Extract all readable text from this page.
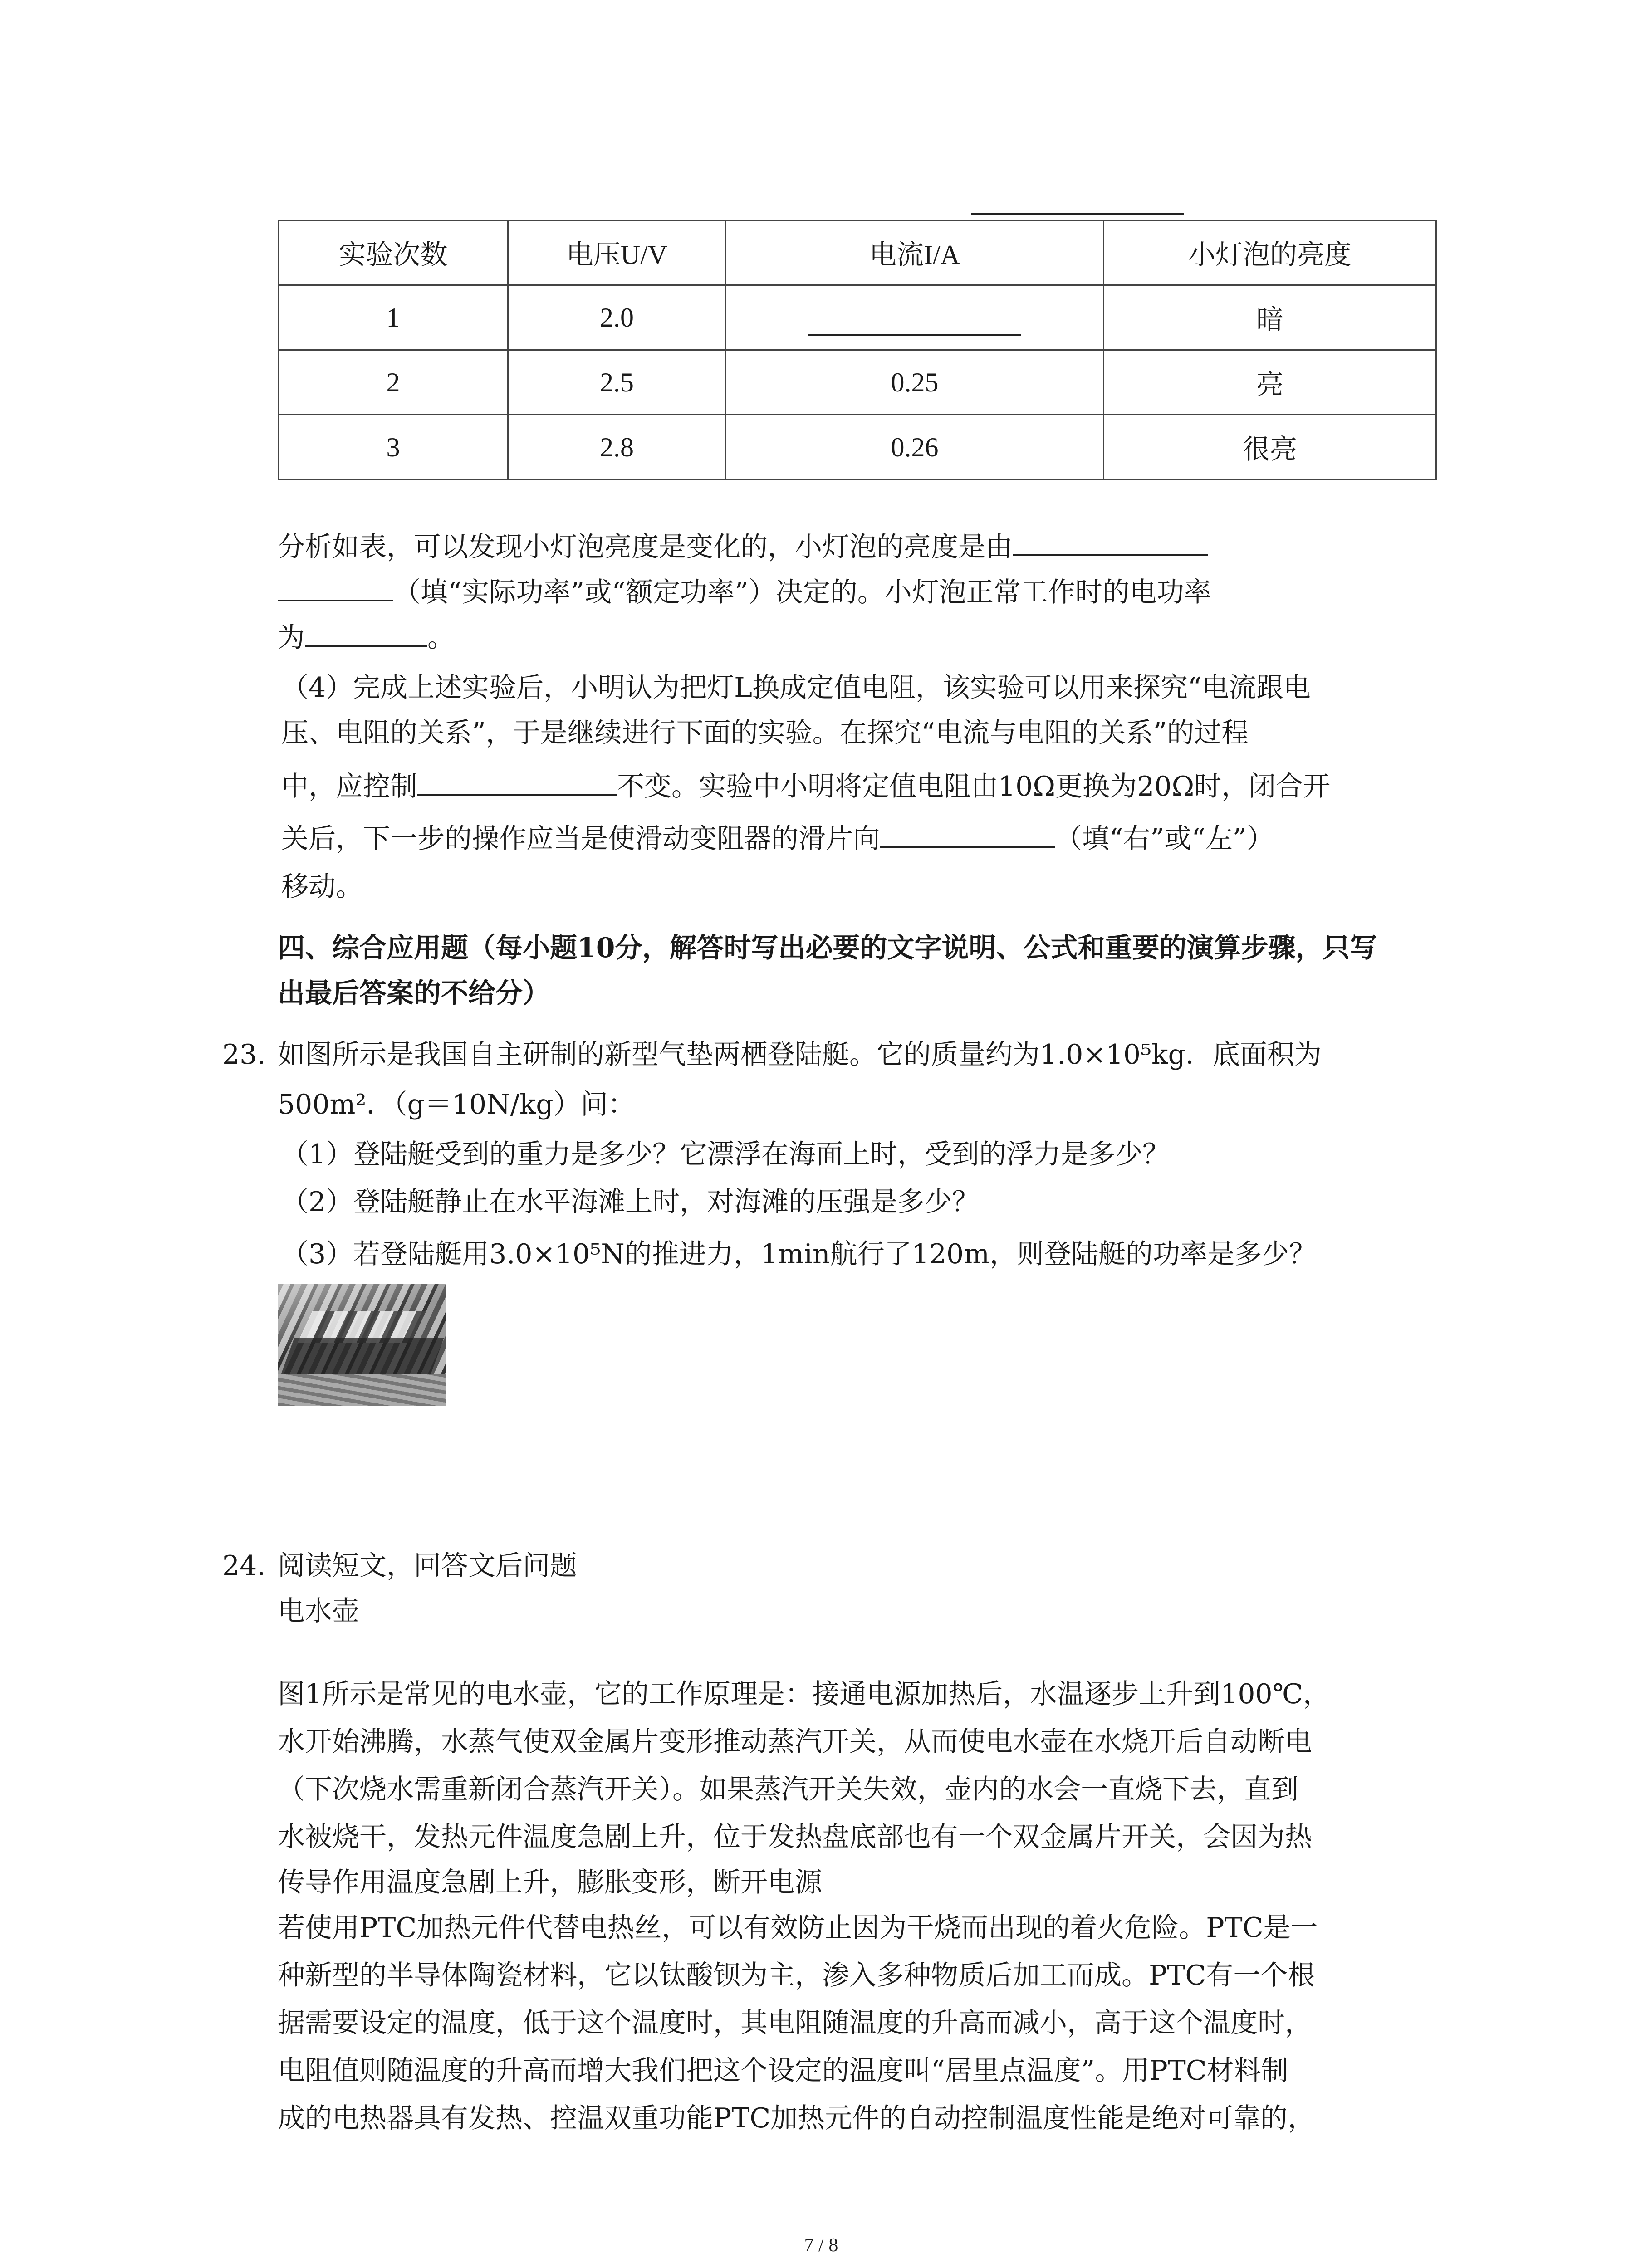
实验次数	电压U/V	电流I/A	小灯泡的亮度
1	2.0		暗
2	2.5	0.25	亮
3	2.8	0.26	很亮
分析如表，可以发现小灯泡亮度是变化的，小灯泡的亮度是由
（填“实际功率”或“额定功率”）决定的。小灯泡正常工作时的电功率
为	。
（4）完成上述实验后，小明认为把灯L换成定值电阻，该实验可以用来探究“电流跟电
压、电阻的关系”，于是继续进行下面的实验。在探究“电流与电阻的关系”的过程
中，应控制	不变。实验中小明将定值电阻由10Ω更换为20Ω时，闭合开
关后，下一步的操作应当是使滑动变阻器的滑片向	（填“右”或“左”）
移动。
四、综合应用题（每小题10分，解答时写出必要的文字说明、公式和重要的演算步骤，只写
出最后答案的不给分）
23. 如图所示是我国自主研制的新型气垫两栖登陆艇。它的质量约为1.0×10⁵kg．底面积为
500m²．（g＝10N/kg）问：
（1）登陆艇受到的重力是多少？它漂浮在海面上时，受到的浮力是多少？
（2）登陆艇静止在水平海滩上时，对海滩的压强是多少？
（3）若登陆艇用3.0×10⁵N的推进力，1min航行了120m，则登陆艇的功率是多少？
24. 阅读短文，回答文后问题
电水壶
图1所示是常见的电水壶，它的工作原理是：接通电源加热后，水温逐步上升到100℃，
水开始沸腾，水蒸气使双金属片变形推动蒸汽开关，从而使电水壶在水烧开后自动断电
（下次烧水需重新闭合蒸汽开关）。如果蒸汽开关失效，壶内的水会一直烧下去，直到
水被烧干，发热元件温度急剧上升，位于发热盘底部也有一个双金属片开关，会因为热
传导作用温度急剧上升，膨胀变形，断开电源
若使用PTC加热元件代替电热丝，可以有效防止因为干烧而出现的着火危险。PTC是一
种新型的半导体陶瓷材料，它以钛酸钡为主，渗入多种物质后加工而成。PTC有一个根
据需要设定的温度，低于这个温度时，其电阻随温度的升高而减小，高于这个温度时，
电阻值则随温度的升高而增大我们把这个设定的温度叫“居里点温度”。用PTC材料制
成的电热器具有发热、控温双重功能PTC加热元件的自动控制温度性能是绝对可靠的，
7 / 8
